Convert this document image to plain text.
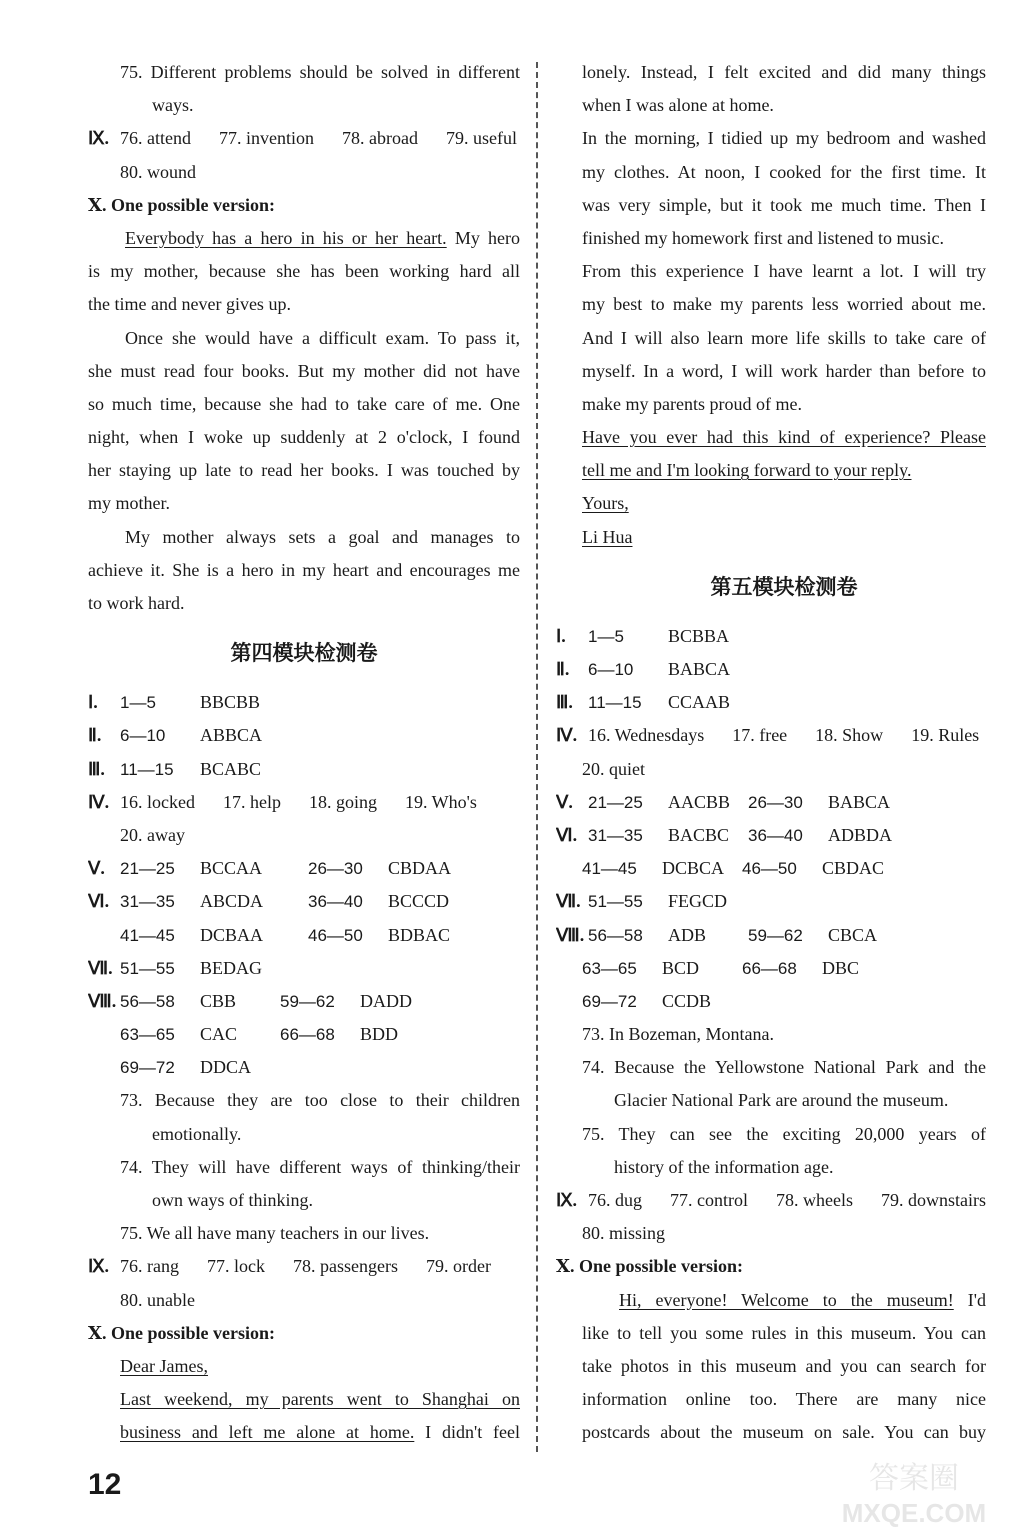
75. Different problems should be solved in different
ways.
Ⅸ. 76. attend 77. invention 78. abroad 79. useful
80. wound
Ⅹ. One possible version:
Everybody has a hero in his or her heart. My hero
is my mother, because she has been working hard all
the time and never gives up.
Once she would have a difficult exam. To pass it,
she must read four books. But my mother did not have
so much time, because she had to take care of me. One
night, when I woke up suddenly at 2 o'clock, I found
her staying up late to read her books. I was touched by
my mother.
My mother always sets a goal and manages to
achieve it. She is a hero in my heart and encourages me
to work hard.
第四模块检测卷
Ⅰ. 1—5 BBCBB
Ⅱ. 6—10 ABBCA
Ⅲ. 11—15 BCABC
Ⅳ. 16. locked 17. help 18. going 19. Who's
20. away
Ⅴ. 21—25 BCCAA	26—30 CBDAA
Ⅵ. 31—35 ABCDA	36—40 BCCCD
41—45 DCBAA	46—50 BDBAC
Ⅶ. 51—55 BEDAG
Ⅷ. 56—58 CBB	59—62 DADD
63—65 CAC	66—68 BDD
69—72 DDCA
73. Because they are too close to their children
emotionally.
74. They will have different ways of thinking/their
own ways of thinking.
75. We all have many teachers in our lives.
Ⅸ. 76. rang 77. lock 78. passengers 79. order
80. unable
Ⅹ. One possible version:
Dear James,
Last weekend, my parents went to Shanghai on
business and left me alone at home. I didn't feel
lonely. Instead, I felt excited and did many things
when I was alone at home.
In the morning, I tidied up my bedroom and washed
my clothes. At noon, I cooked for the first time. It
was very simple, but it took me much time. Then I
finished my homework first and listened to music.
From this experience I have learnt a lot. I will try
my best to make my parents less worried about me.
And I will also learn more life skills to take care of
myself. In a word, I will work harder than before to
make my parents proud of me.
Have you ever had this kind of experience? Please
tell me and I'm looking forward to your reply.
Yours,
Li Hua
第五模块检测卷
Ⅰ. 1—5 BCBBA
Ⅱ. 6—10 BABCA
Ⅲ. 11—15 CCAAB
Ⅳ. 16. Wednesdays 17. free 18. Show 19. Rules
20. quiet
Ⅴ. 21—25 AACBB 26—30 BABCA
Ⅵ. 31—35 BACBC 36—40 ADBDA
41—45 DCBCA 46—50 CBDAC
Ⅶ. 51—55 FEGCD
Ⅷ. 56—58 ADB 59—62 CBCA
63—65 BCD	66—68 DBC
69—72 CCDB
73. In Bozeman, Montana.
74. Because the Yellowstone National Park and the
Glacier National Park are around the museum.
75. They can see the exciting 20,000 years of
history of the information age.
Ⅸ. 76. dug 77. control 78. wheels 79. downstairs
80. missing
Ⅹ. One possible version:
Hi, everyone! Welcome to the museum! I'd
like to tell you some rules in this museum. You can
take photos in this museum and you can search for
information online too. There are many nice
postcards about the museum on sale. You can buy
12	答案圈
MXQE.COM
